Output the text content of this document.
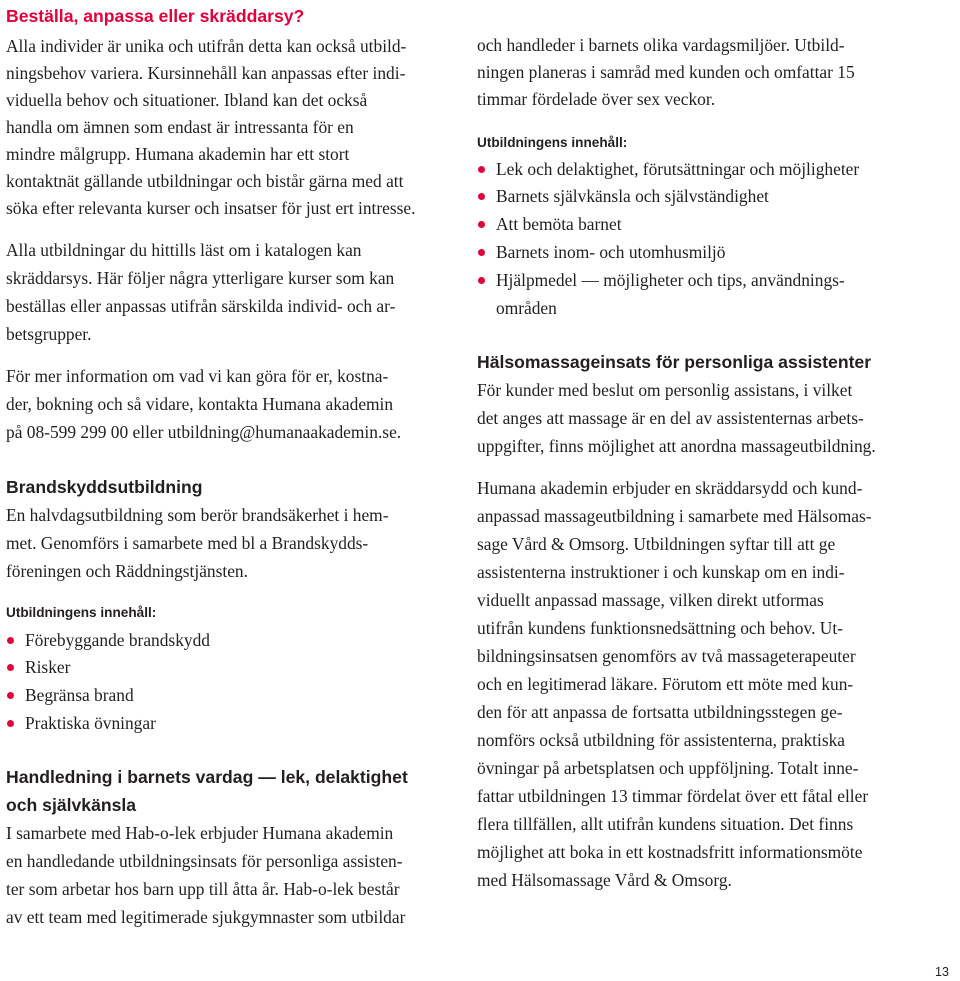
Beställa, anpassa eller skräddarsy?
Alla individer är unika och utifrån detta kan också utbild-
ningsbehov variera. Kursinnehåll kan anpassas efter indi-
viduella behov och situationer. Ibland kan det också
handla om ämnen som endast är intressanta för en
mindre målgrupp. Humana akademin har ett stort
kontaktnät gällande utbildningar och bistår gärna med att
söka efter relevanta kurser och insatser för just ert intresse.
Alla utbildningar du hittills läst om i katalogen kan
skräddarsys. Här följer några ytterligare kurser som kan
beställas eller anpassas utifrån särskilda individ- och ar-
betsgrupper.
För mer information om vad vi kan göra för er, kostna-
der, bokning och så vidare, kontakta Humana akademin
på 08-599 299 00 eller utbildning@humanaakademin.se.
Brandskyddsutbildning
En halvdagsutbildning som berör brandsäkerhet i hem-
met. Genomförs i samarbete med bl a Brandskydds-
föreningen och Räddningstjänsten.
Utbildningens innehåll:
Förebyggande brandskydd
Risker
Begränsa brand
Praktiska övningar
Handledning i barnets vardag — lek, delaktighet
och självkänsla
I samarbete med Hab-o-lek erbjuder Humana akademin
en handledande utbildningsinsats för personliga assisten-
ter som arbetar hos barn upp till åtta år. Hab-o-lek består
av ett team med legitimerade sjukgymnaster som utbildar
och handleder i barnets olika vardagsmiljöer. Utbild-
ningen planeras i samråd med kunden och omfattar 15
timmar fördelade över sex veckor.
Utbildningens innehåll:
Lek och delaktighet, förutsättningar och möjligheter
Barnets självkänsla och självständighet
Att bemöta barnet
Barnets inom- och utomhusmiljö
Hjälpmedel — möjligheter och tips, användnings-
områden
Hälsomassageinsats för personliga assistenter
För kunder med beslut om personlig assistans, i vilket
det anges att massage är en del av assistenternas arbets-
uppgifter, finns möjlighet att anordna massageutbildning.
Humana akademin erbjuder en skräddarsydd och kund-
anpassad massageutbildning i samarbete med Hälsomas-
sage Vård & Omsorg. Utbildningen syftar till att ge
assistenterna instruktioner i och kunskap om en indi-
viduellt anpassad massage, vilken direkt utformas
utifrån kundens funktionsnedsättning och behov. Ut-
bildningsinsatsen genomförs av två massageterapeuter
och en legitimerad läkare. Förutom ett möte med kun-
den för att anpassa de fortsatta utbildningsstegen ge-
nomförs också utbildning för assistenterna, praktiska
övningar på arbetsplatsen och uppföljning. Totalt inne-
fattar utbildningen 13 timmar fördelat över ett fåtal eller
flera tillfällen, allt utifrån kundens situation. Det finns
möjlighet att boka in ett kostnadsfritt informationsmöte
med Hälsomassage Vård & Omsorg.
13
